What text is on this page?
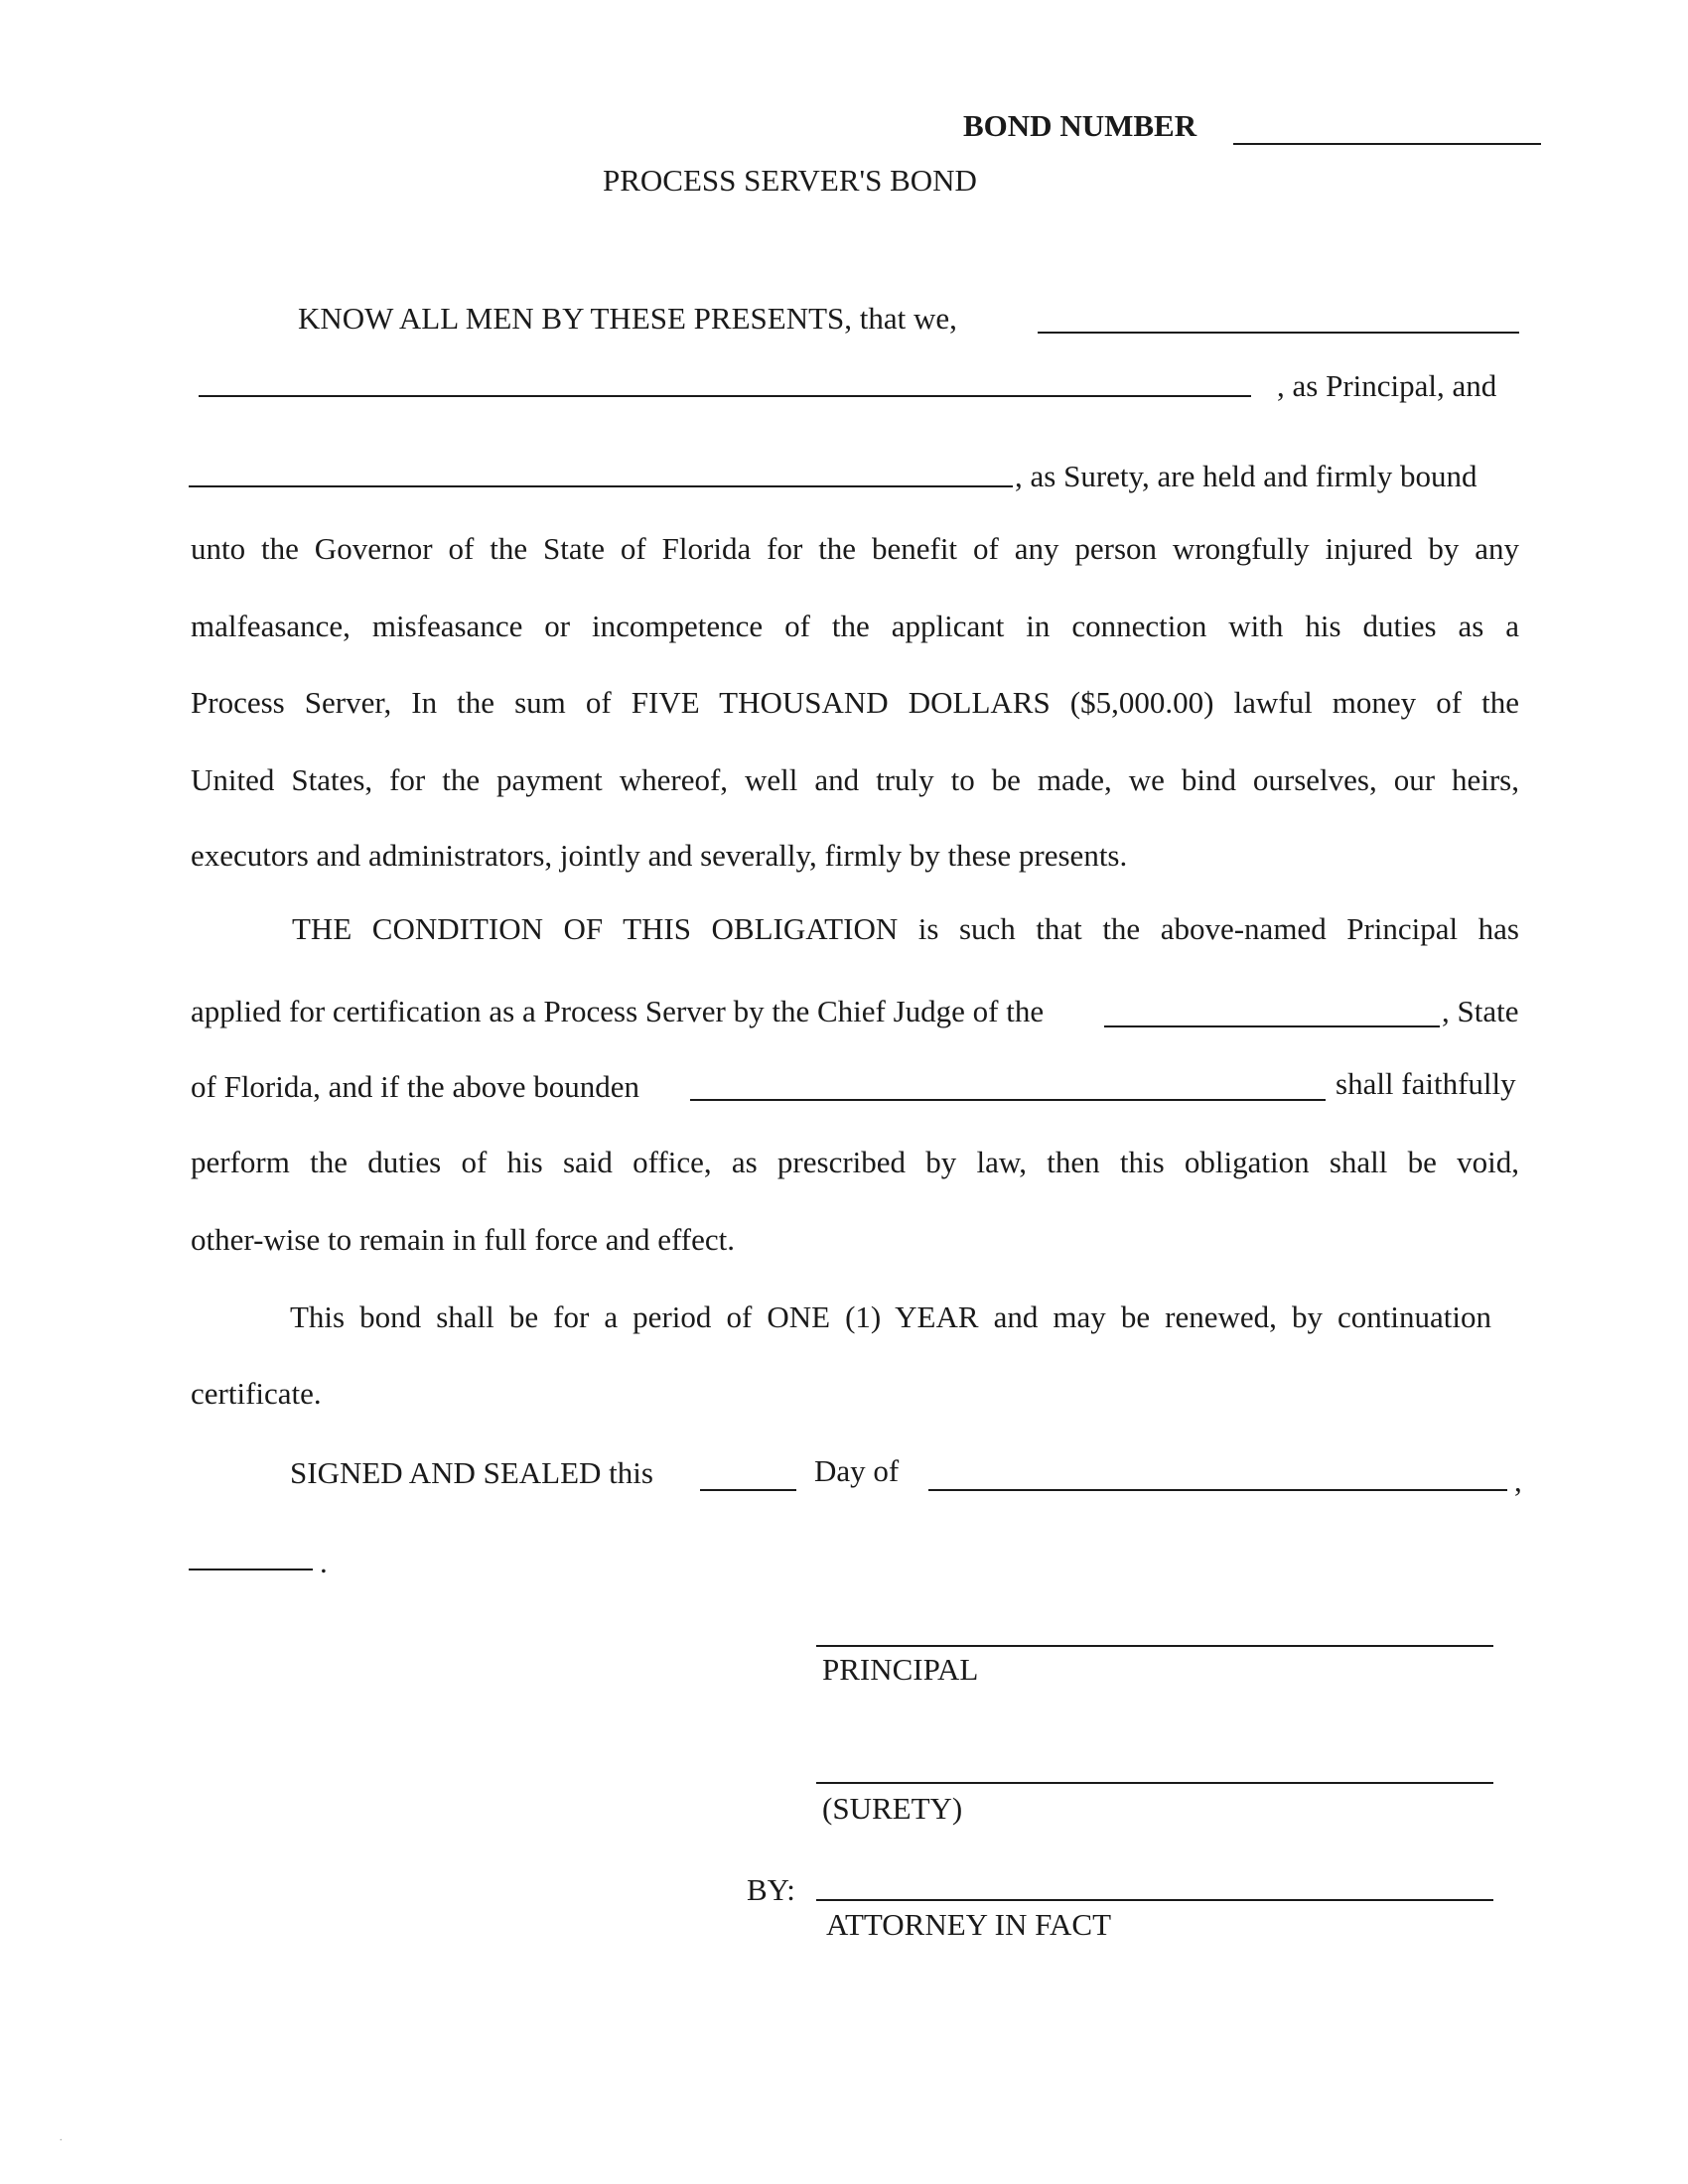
BOND NUMBER

PROCESS SERVER'S BOND

KNOW ALL MEN BY THESE PRESENTS, that we,

, as Principal, and

, as Surety, are held and firmly bound

unto the Governor of the State of Florida for the benefit of any person wrongfully injured by any

malfeasance, misfeasance or incompetence of the applicant in connection with his duties as a

Process Server, In the sum of FIVE THOUSAND DOLLARS ($5,000.00) lawful money of the

United States, for the payment whereof, well and truly to be made, we bind ourselves, our heirs,

executors and administrators, jointly and severally, firmly by these presents.

THE CONDITION OF THIS OBLIGATION is such that the above-named Principal has

applied for certification as a Process Server by the Chief Judge of the	, State

of Florida, and if the above bounden	shall faithfully

perform the duties of his said office, as prescribed by law, then this obligation shall be void,

other-wise to remain in full force and effect.

This bond shall be for a period of ONE (1) YEAR and may be renewed, by continuation

certificate.

SIGNED AND SEALED this	Day of	,

.

PRINCIPAL

(SURETY)

BY:

ATTORNEY IN FACT

.
